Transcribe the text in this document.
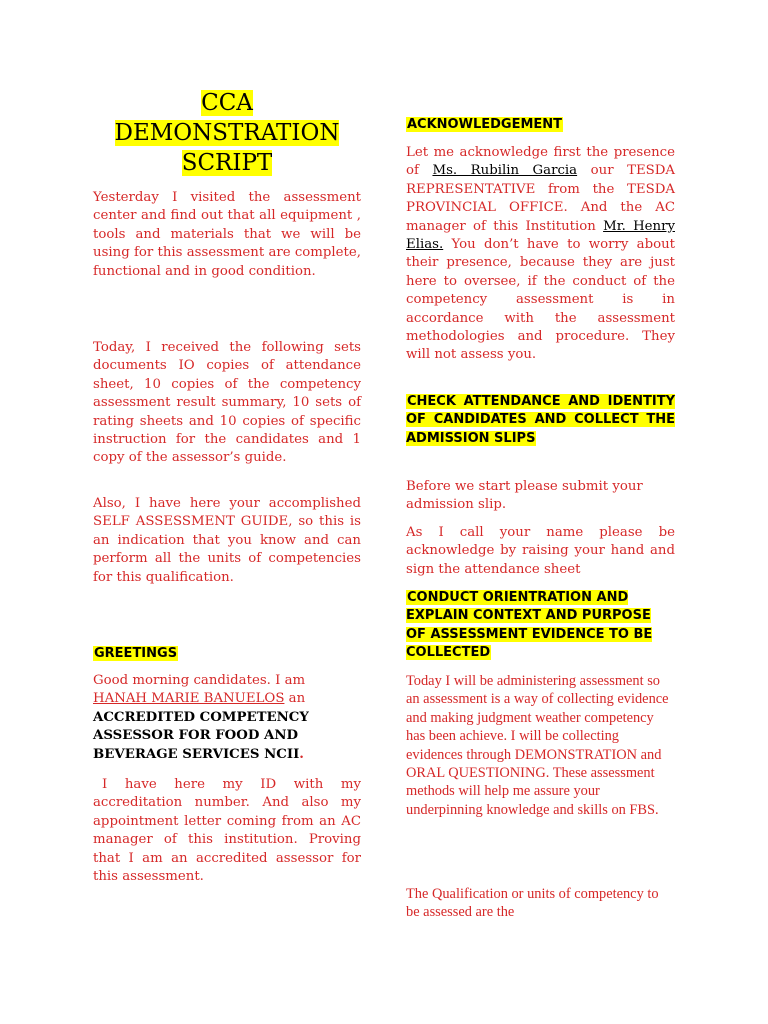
CCA
DEMONSTRATION
SCRIPT

Yesterday I visited the assessment center and find out that all equipment , tools and materials that we will be using for this assessment are complete, functional and in good condition.

Today, I received the following sets documents IO copies of attendance sheet, 10 copies of the competency assessment result summary, 10 sets of rating sheets and 10 copies of specific instruction for the candidates and 1 copy of the assessor’s guide.

Also, I have here your accomplished SELF ASSESSMENT GUIDE, so this is an indication that you know and can perform all the units of competencies for this qualification.

GREETINGS

Good morning candidates. I am
HANAH MARIE BANUELOS an

ACCREDITED COMPETENCY ASSESSOR FOR FOOD AND BEVERAGE SERVICES NCII.

I have here my ID with my accreditation number. And also my appointment letter coming from an AC manager of this institution. Proving that I am an accredited assessor for this assessment.

ACKNOWLEDGEMENT

Let me acknowledge first the presence of Ms. Rubilin Garcia our TESDA REPRESENTATIVE from the TESDA PROVINCIAL OFFICE. And the AC manager of this Institution Mr. Henry Elias. You don’t have to worry about their presence, because they are just here to oversee, if the conduct of the competency assessment is in accordance with the assessment methodologies and procedure. They will not assess you.

CHECK ATTENDANCE AND IDENTITY OF CANDIDATES AND COLLECT THE ADMISSION SLIPS

Before we start please submit your admission slip.

As I call your name please be acknowledge by raising your hand and sign the attendance sheet

CONDUCT ORIENTRATION AND EXPLAIN CONTEXT AND PURPOSE OF ASSESSMENT EVIDENCE TO BE COLLECTED

Today I will be administering assessment so an assessment is a way of collecting evidence and making judgment weather competency has been achieve. I will be collecting evidences through DEMONSTRATION and ORAL QUESTIONING. These assessment methods will help me assure your underpinning knowledge and skills on FBS.

The Qualification or units of competency to be assessed are the
